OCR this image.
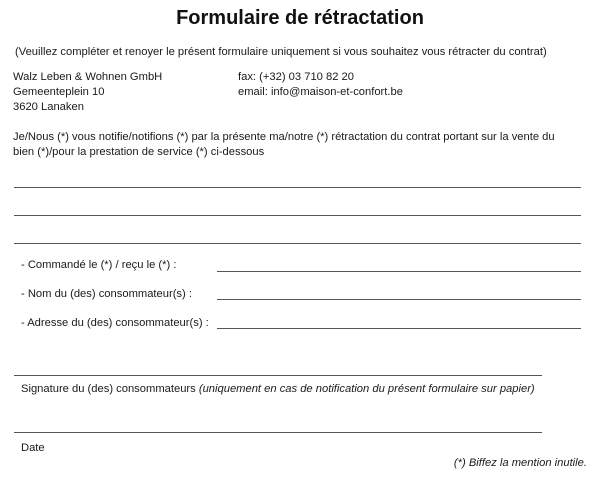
Formulaire de rétractation
(Veuillez compléter et renoyer le présent formulaire uniquement si vous souhaitez vous rétracter du contrat)
Walz Leben & Wohnen GmbH
Gemeenteplein 10
3620 Lanaken
fax: (+32) 03 710 82 20
email: info@maison-et-confort.be
Je/Nous (*) vous notifie/notifions (*) par la présente ma/notre (*) rétractation du contrat portant sur la vente du
bien (*)/pour la prestation de service (*) ci-dessous
- Commandé le (*) / reçu le (*) :
- Nom du (des) consommateur(s) :
- Adresse du (des) consommateur(s) :
Signature du (des) consommateurs (uniquement en cas de notification du présent formulaire sur papier)
Date
(*) Biffez la mention inutile.
